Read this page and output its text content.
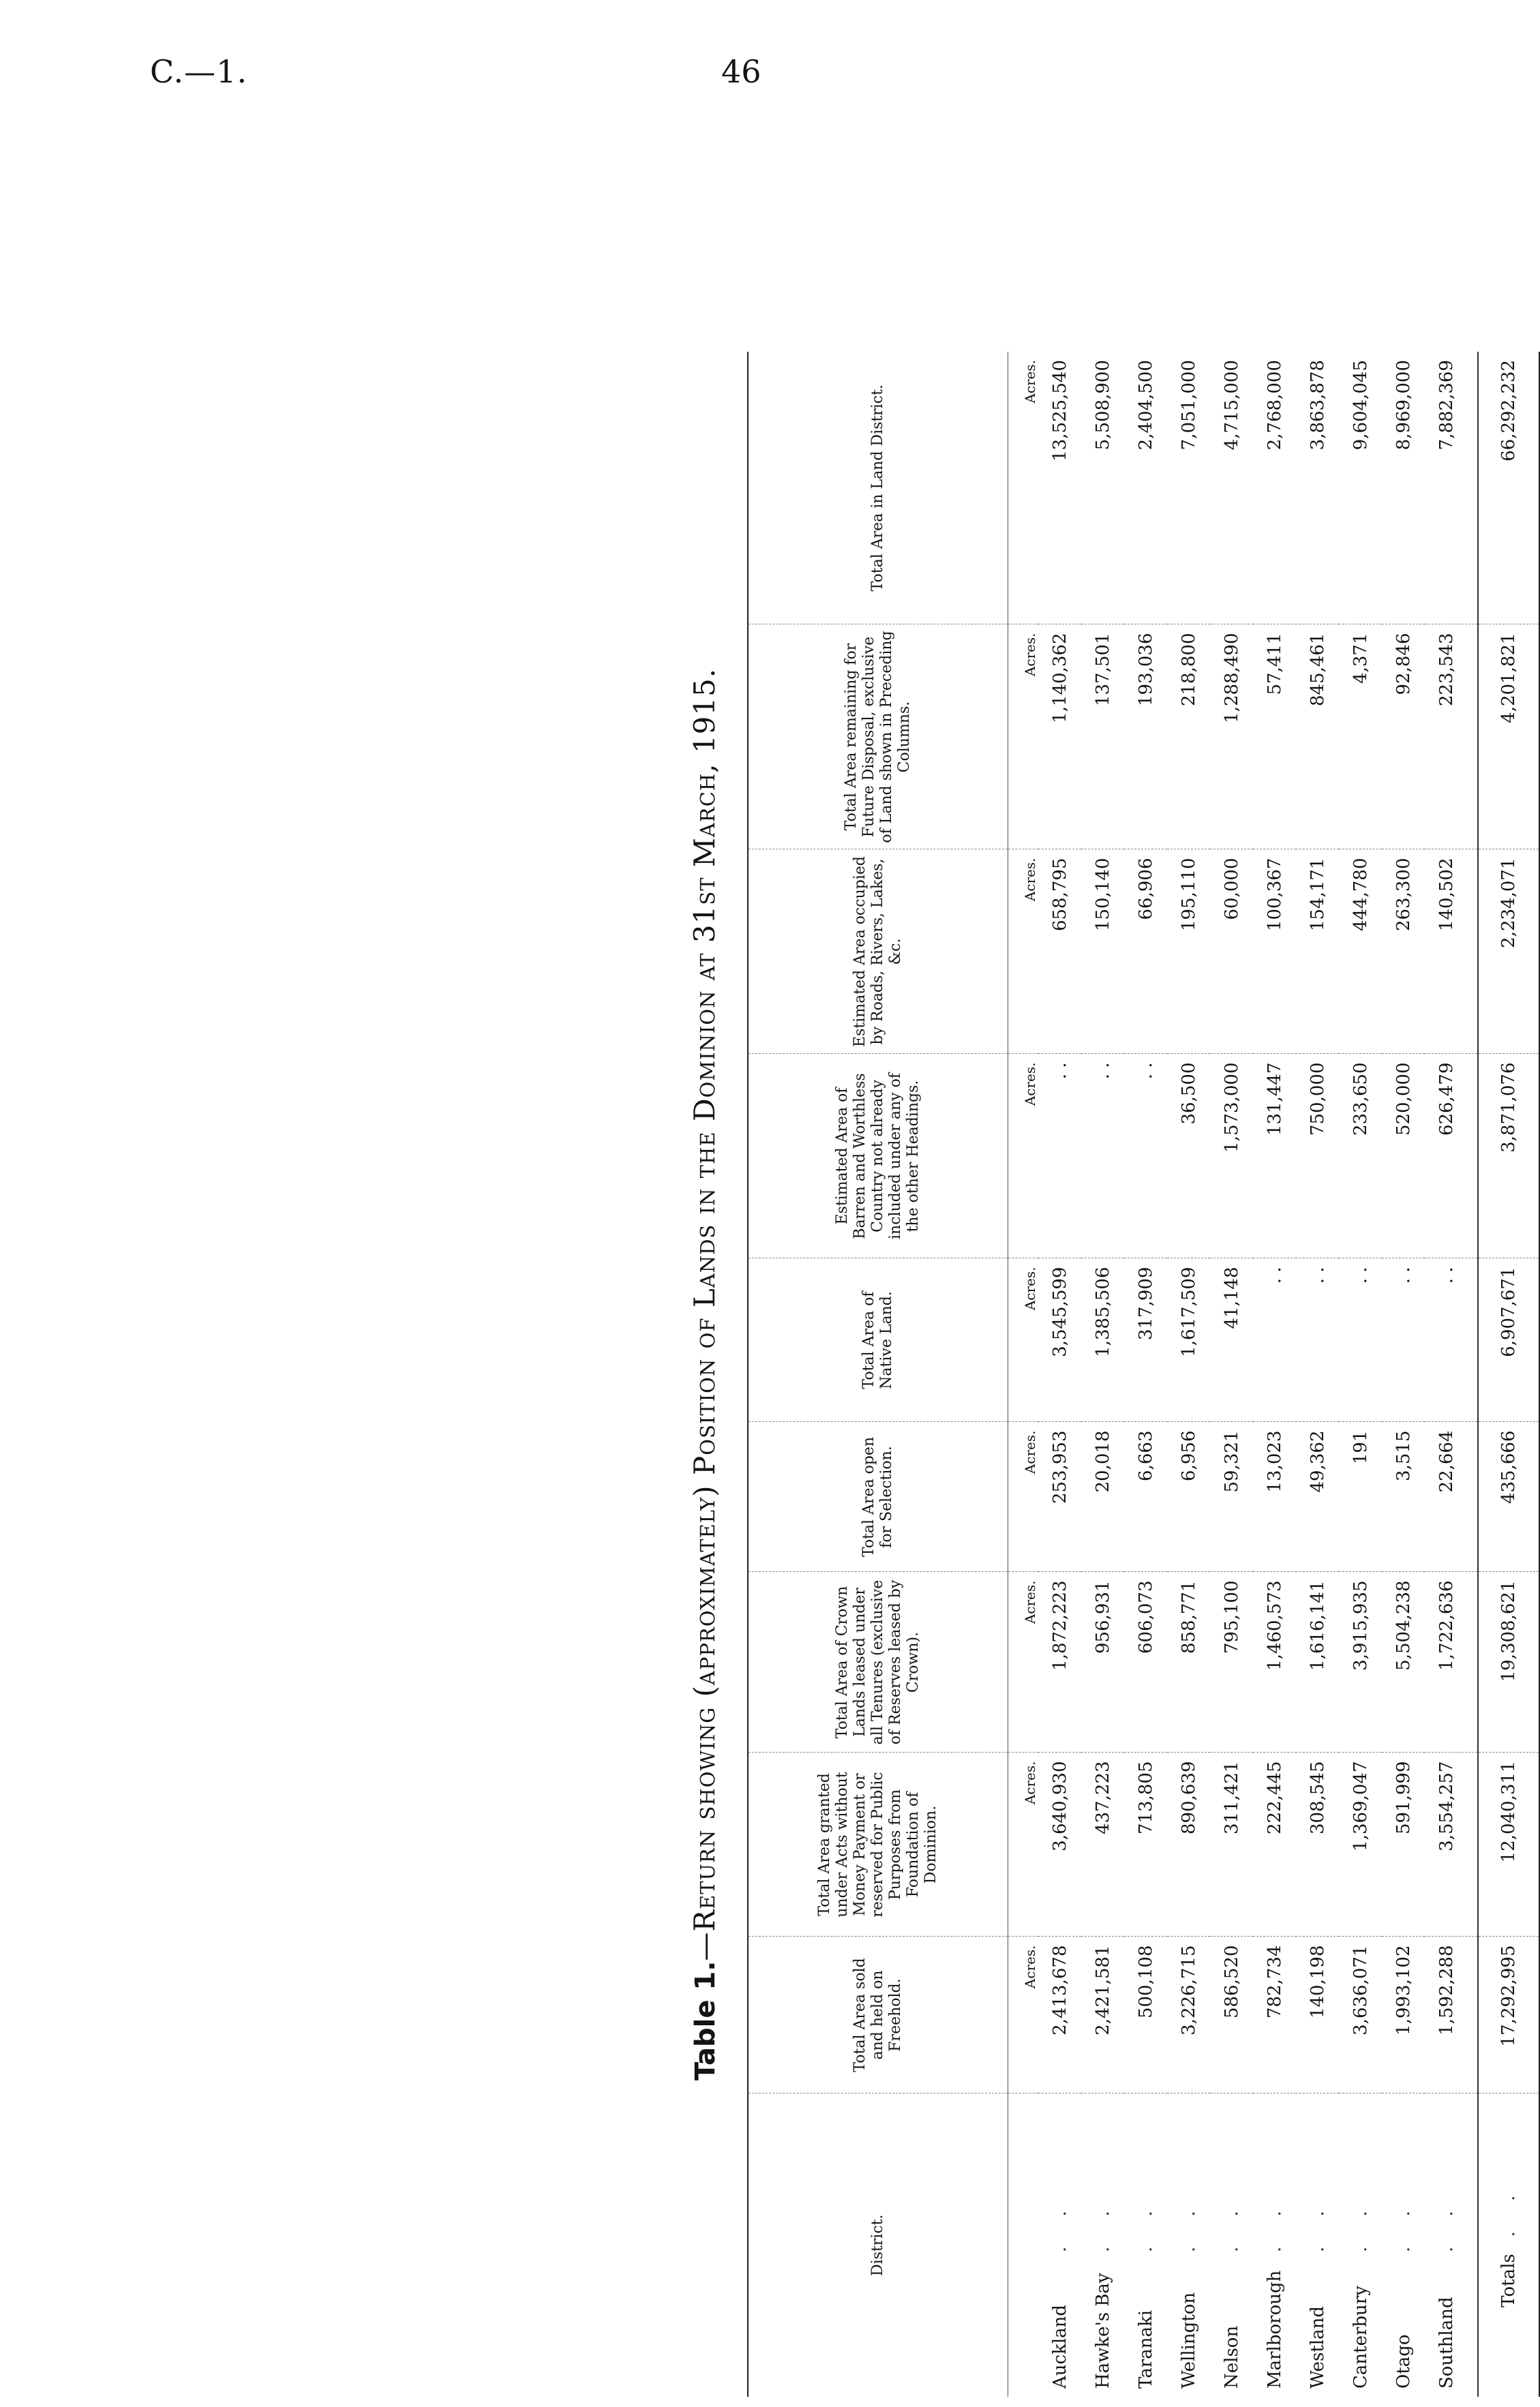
C.—1.	46
Table 1.—Return showing (approximately) Position of Lands in the Dominion at 31st March, 1915.
District.	Total Area sold and held on Freehold.	Total Area granted under Acts without Money Payment or reserved for Public Purposes from Foundation of Dominion.	Total Area of Crown Lands leased under all Tenures (exclusive of Reserves leased by Crown).	Total Area open for Selection.	Total Area of Native Land.	Estimated Area of Barren and Worthless Country not already included under any of the other Headings.	Estimated Area occupied by Roads, Rivers, Lakes, &c.	Total Area remaining for Future Disposal, exclusive of Land shown in Preceding Columns.	Total Area in Land District.
	Acres.	Acres.	Acres.	Acres.	Acres.	Acres.	Acres.	Acres.	Acres.
Auckland. .	2,413,678	3,640,930	1,872,223	253,953	3,545,599	. .	658,795	1,140,362	13,525,540
Hawke's Bay. .	2,421,581	437,223	956,931	20,018	1,385,506	. .	150,140	137,501	5,508,900
Taranaki. .	500,108	713,805	606,073	6,663	317,909	. .	66,906	193,036	2,404,500
Wellington. .	3,226,715	890,639	858,771	6,956	1,617,509	36,500	195,110	218,800	7,051,000
Nelson. .	586,520	311,421	795,100	59,321	41,148	1,573,000	60,000	1,288,490	4,715,000
Marlborough. .	782,734	222,445	1,460,573	13,023	. .	131,447	100,367	57,411	2,768,000
Westland. .	140,198	308,545	1,616,141	49,362	. .	750,000	154,171	845,461	3,863,878
Canterbury. .	3,636,071	1,369,047	3,915,935	191	. .	233,650	444,780	4,371	9,604,045
Otago. .	1,993,102	591,999	5,504,238	3,515	. .	520,000	263,300	92,846	8,969,000
Southland. .	1,592,288	3,554,257	1,722,636	22,664	. .	626,479	140,502	223,543	7,882,369
Totals   . .	17,292,995	12,040,311	19,308,621	435,666	6,907,671	3,871,076	2,234,071	4,201,821	66,292,232
